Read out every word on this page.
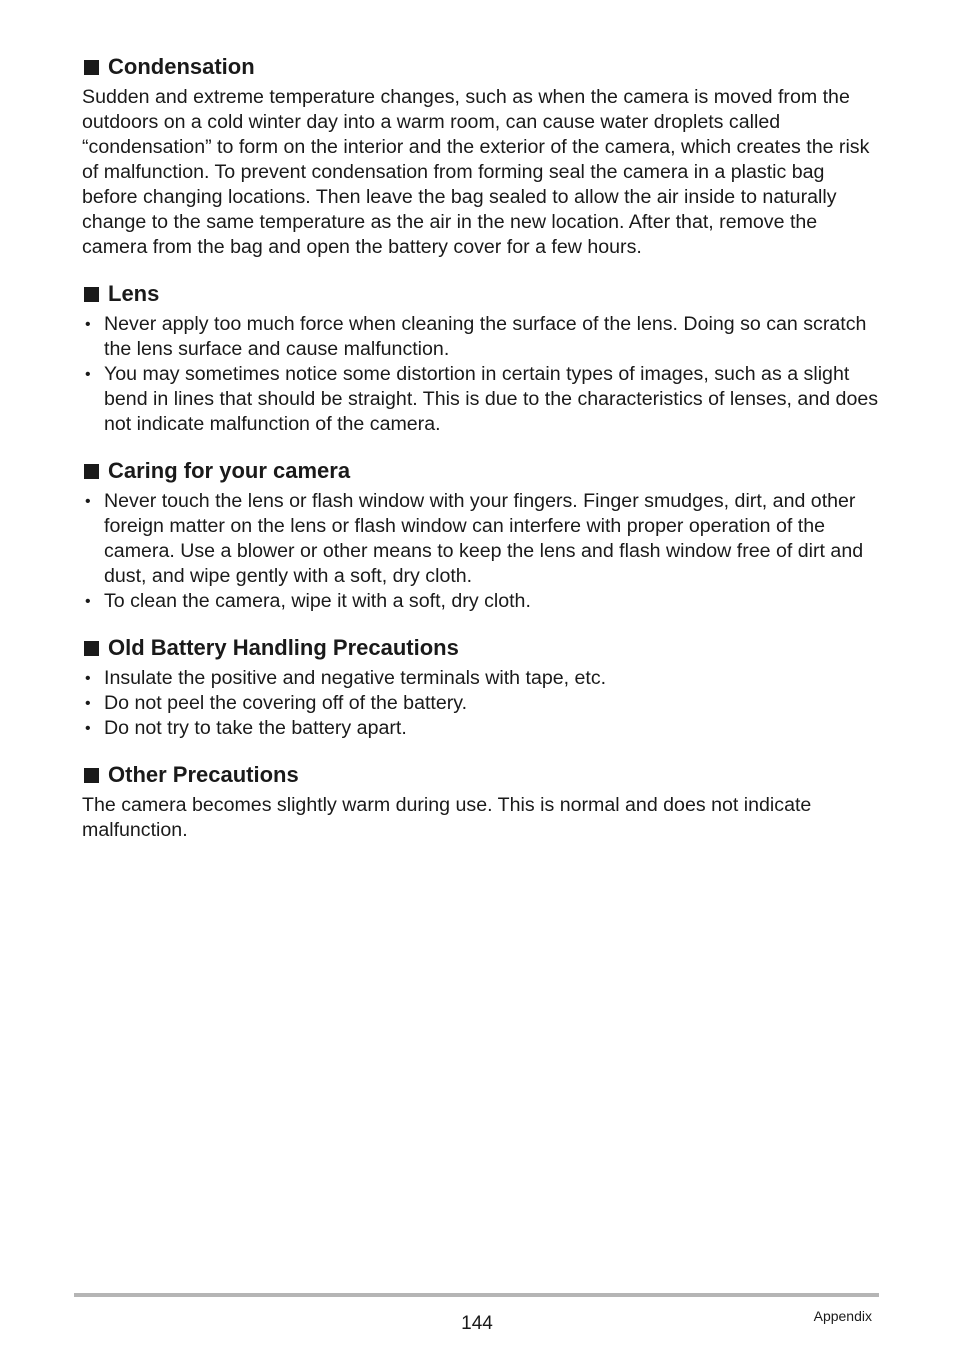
Condensation

Sudden and extreme temperature changes, such as when the camera is moved from the outdoors on a cold winter day into a warm room, can cause water droplets called “condensation” to form on the interior and the exterior of the camera, which creates the risk of malfunction. To prevent condensation from forming seal the camera in a plastic bag before changing locations. Then leave the bag sealed to allow the air inside to naturally change to the same temperature as the air in the new location. After that, remove the camera from the bag and open the battery cover for a few hours.

Lens
• Never apply too much force when cleaning the surface of the lens. Doing so can scratch the lens surface and cause malfunction.
• You may sometimes notice some distortion in certain types of images, such as a slight bend in lines that should be straight. This is due to the characteristics of lenses, and does not indicate malfunction of the camera.
Caring for your camera
• Never touch the lens or flash window with your fingers. Finger smudges, dirt, and other foreign matter on the lens or flash window can interfere with proper operation of the camera. Use a blower or other means to keep the lens and flash window free of dirt and dust, and wipe gently with a soft, dry cloth.
• To clean the camera, wipe it with a soft, dry cloth.
Old Battery Handling Precautions
• Insulate the positive and negative terminals with tape, etc.
• Do not peel the covering off of the battery.
• Do not try to take the battery apart.
Other Precautions

The camera becomes slightly warm during use. This is normal and does not indicate malfunction.

144	Appendix
